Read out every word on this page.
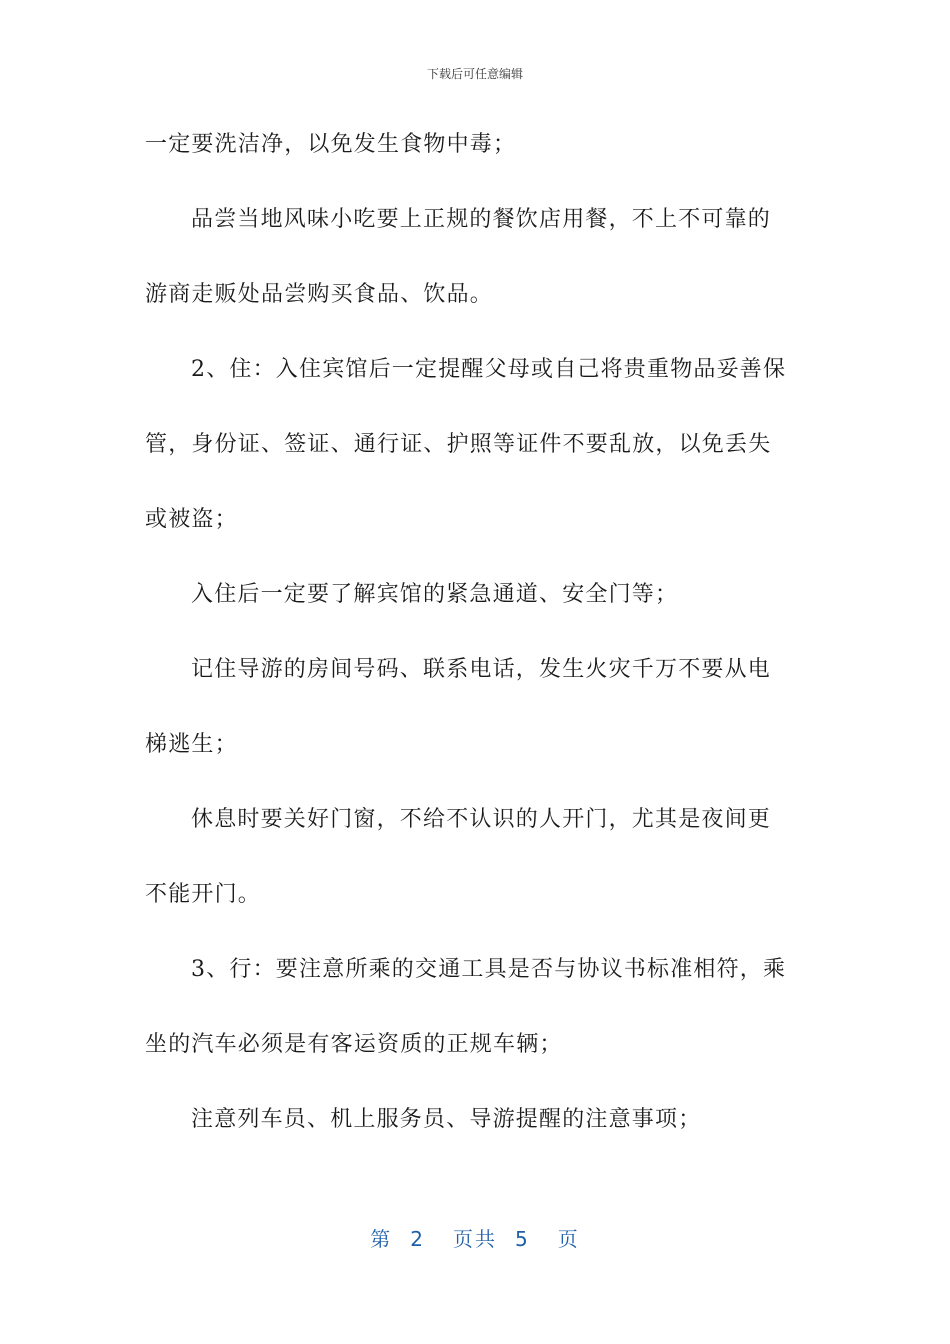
下载后可任意编辑
一定要洗洁净，以免发生食物中毒；
品尝当地风味小吃要上正规的餐饮店用餐，不上不可靠的
游商走贩处品尝购买食品、饮品。
2、住：入住宾馆后一定提醒父母或自己将贵重物品妥善保
管，身份证、签证、通行证、护照等证件不要乱放，以免丢失
或被盗；
入住后一定要了解宾馆的紧急通道、安全门等；
记住导游的房间号码、联系电话，发生火灾千万不要从电
梯逃生；
休息时要关好门窗，不给不认识的人开门，尤其是夜间更
不能开门。
3、行：要注意所乘的交通工具是否与协议书标准相符，乘
坐的汽车必须是有客运资质的正规车辆；
注意列车员、机上服务员、导游提醒的注意事项；
第 2 页共 5 页
